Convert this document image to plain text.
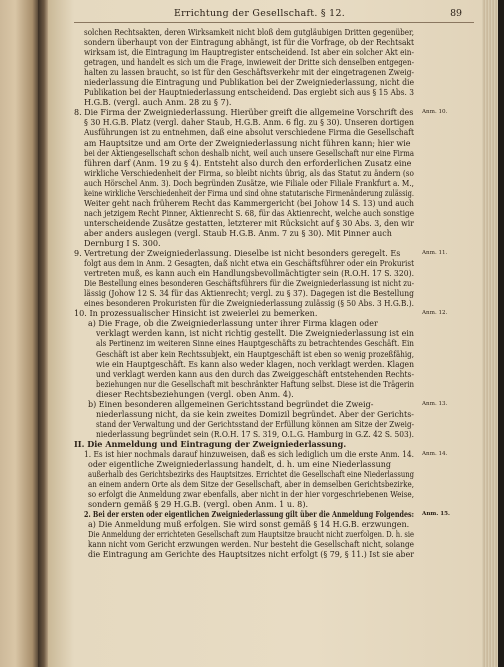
Errichtung der Gesellschaft. § 12.	89
solchen Rechtsakten, deren Wirksamkeit nicht bloß dem gutgläubigen Dritten gegenüber,
sondern überhaupt von der Eintragung abhängt, ist für die Vorfrage, ob der Rechtsakt
wirksam ist, die Eintragung im Hauptregister entscheidend. Ist aber ein solcher Akt ein-
getragen, und handelt es sich um die Frage, inwieweit der Dritte sich denselben entgegen-
halten zu lassen braucht, so ist für den Geschäftsverkehr mit der eingetragenen Zweig-
niederlassung die Eintragung und Publikation bei der Zweigniederlassung, nicht die
Publikation bei der Hauptniederlassung entscheidend. Das ergiebt sich aus § 15 Abs. 3
H.G.B. (vergl. auch Anm. 28 zu § 7).
8. Die Firma der Zweigniederlassung. Hierüber greift die allgemeine Vorschrift des Anm. 10.
§ 30 H.G.B. Platz (vergl. daher Staub, H.G.B. Anm. 6 flg. zu § 30). Unseren dortigen
Ausführungen ist zu entnehmen, daß eine absolut verschiedene Firma die Gesellschaft
am Hauptsitze und am Orte der Zweigniederlassung nicht führen kann; hier wie
bei der Aktiengesellschaft schon deshalb nicht, weil auch unsere Gesellschaft nur eine Firma
führen darf (Anm. 19 zu § 4). Entsteht also durch den erforderlichen Zusatz eine
wirkliche Verschiedenheit der Firma, so bleibt nichts übrig, als das Statut zu ändern (so
auch Hörschel Anm. 3). Doch begründen Zusätze, wie Filiale oder Filiale Frankfurt a. M.,
keine wirkliche Verschiedenheit der Firma und sind ohne statutarische Firmenänderung zulässig.
Weiter geht nach früherem Recht das Kammergericht (bei Johow 14 S. 13) und auch
nach jetzigem Recht Pinner, Aktienrecht S. 68, für das Aktienrecht, welche auch sonstige
unterscheidende Zusätze gestatten, letzterer mit Rücksicht auf § 30 Abs. 3, den wir
aber anders auslegen (vergl. Staub H.G.B. Anm. 7 zu § 30). Mit Pinner auch
Dernburg I S. 300.
9. Vertretung der Zweigniederlassung. Dieselbe ist nicht besonders geregelt. Es	Anm. 11.
folgt aus dem in Anm. 2 Gesagten, daß nicht etwa ein Geschäftsführer oder ein Prokurist
vertreten muß, es kann auch ein Handlungsbevollmächtigter sein (R.O.H. 17 S. 320).
Die Bestellung eines besonderen Geschäftsführers für die Zweigniederlassung ist nicht zu-
lässig (Johow 12 S. 34 für das Aktienrecht; vergl. zu § 37). Dagegen ist die Bestellung
eines besonderen Prokuristen für die Zweigniederlassung zulässig (§ 50 Abs. 3 H.G.B.).
10. In prozessualischer Hinsicht ist zweierlei zu bemerken.	Anm. 12.
a) Die Frage, ob die Zweigniederlassung unter ihrer Firma klagen oder
verklagt werden kann, ist nicht richtig gestellt. Die Zweigniederlassung ist ein
als Pertinenz im weiteren Sinne eines Hauptgeschäfts zu betrachtendes Geschäft. Ein
Geschäft ist aber kein Rechtssubjekt, ein Hauptgeschäft ist eben so wenig prozeßfähig,
wie ein Hauptgeschäft. Es kann also weder klagen, noch verklagt werden. Klagen
und verklagt werden kann aus den durch das Zweiggeschäft entstehenden Rechts-
beziehungen nur die Gesellschaft mit beschränkter Haftung selbst. Diese ist die Trägerin
dieser Rechtsbeziehungen (vergl. oben Anm. 4).
b) Einen besonderen allgemeinen Gerichtsstand begründet die Zweig-	Anm. 13.
niederlassung nicht, da sie kein zweites Domizil begründet. Aber der Gerichts-
stand der Verwaltung und der Gerichtsstand der Erfüllung können am Sitze der Zweig-
niederlassung begründet sein (R.O.H. 17 S. 319, O.L.G. Hamburg in G.Z. 42 S. 503).
II. Die Anmeldung und Eintragung der Zweigniederlassung.
1. Es ist hier nochmals darauf hinzuweisen, daß es sich lediglich um die erste Anm. 14. Anm. 14.
oder eigentliche Zweigniederlassung handelt, d. h. um eine Niederlassung
außerhalb des Gerichtsbezirks des Hauptsitzes. Errichtet die Gesellschaft eine Niederlassung
an einem andern Orte als dem Sitze der Gesellschaft, aber in demselben Gerichtsbezirke,
so erfolgt die Anmeldung zwar ebenfalls, aber nicht in der hier vorgeschriebenen Weise,
sondern gemäß § 29 H.G.B. (vergl. oben Anm. 1 u. 8).
2. Bei der ersten oder eigentlichen Zweigniederlassung gilt über die Anmeldung Folgendes: Anm. 15.
a) Die Anmeldung muß erfolgen. Sie wird sonst gemäß § 14 H.G.B. erzwungen.
Die Anmeldung der errichteten Gesellschaft zum Hauptsitze braucht nicht zuerfolgen. D. h. sie
kann nicht vom Gericht erzwungen werden. Nur besteht die Gesellschaft nicht, solange
die Eintragung am Gerichte des Hauptsitzes nicht erfolgt (§ 79, § 11.) Ist sie aber
